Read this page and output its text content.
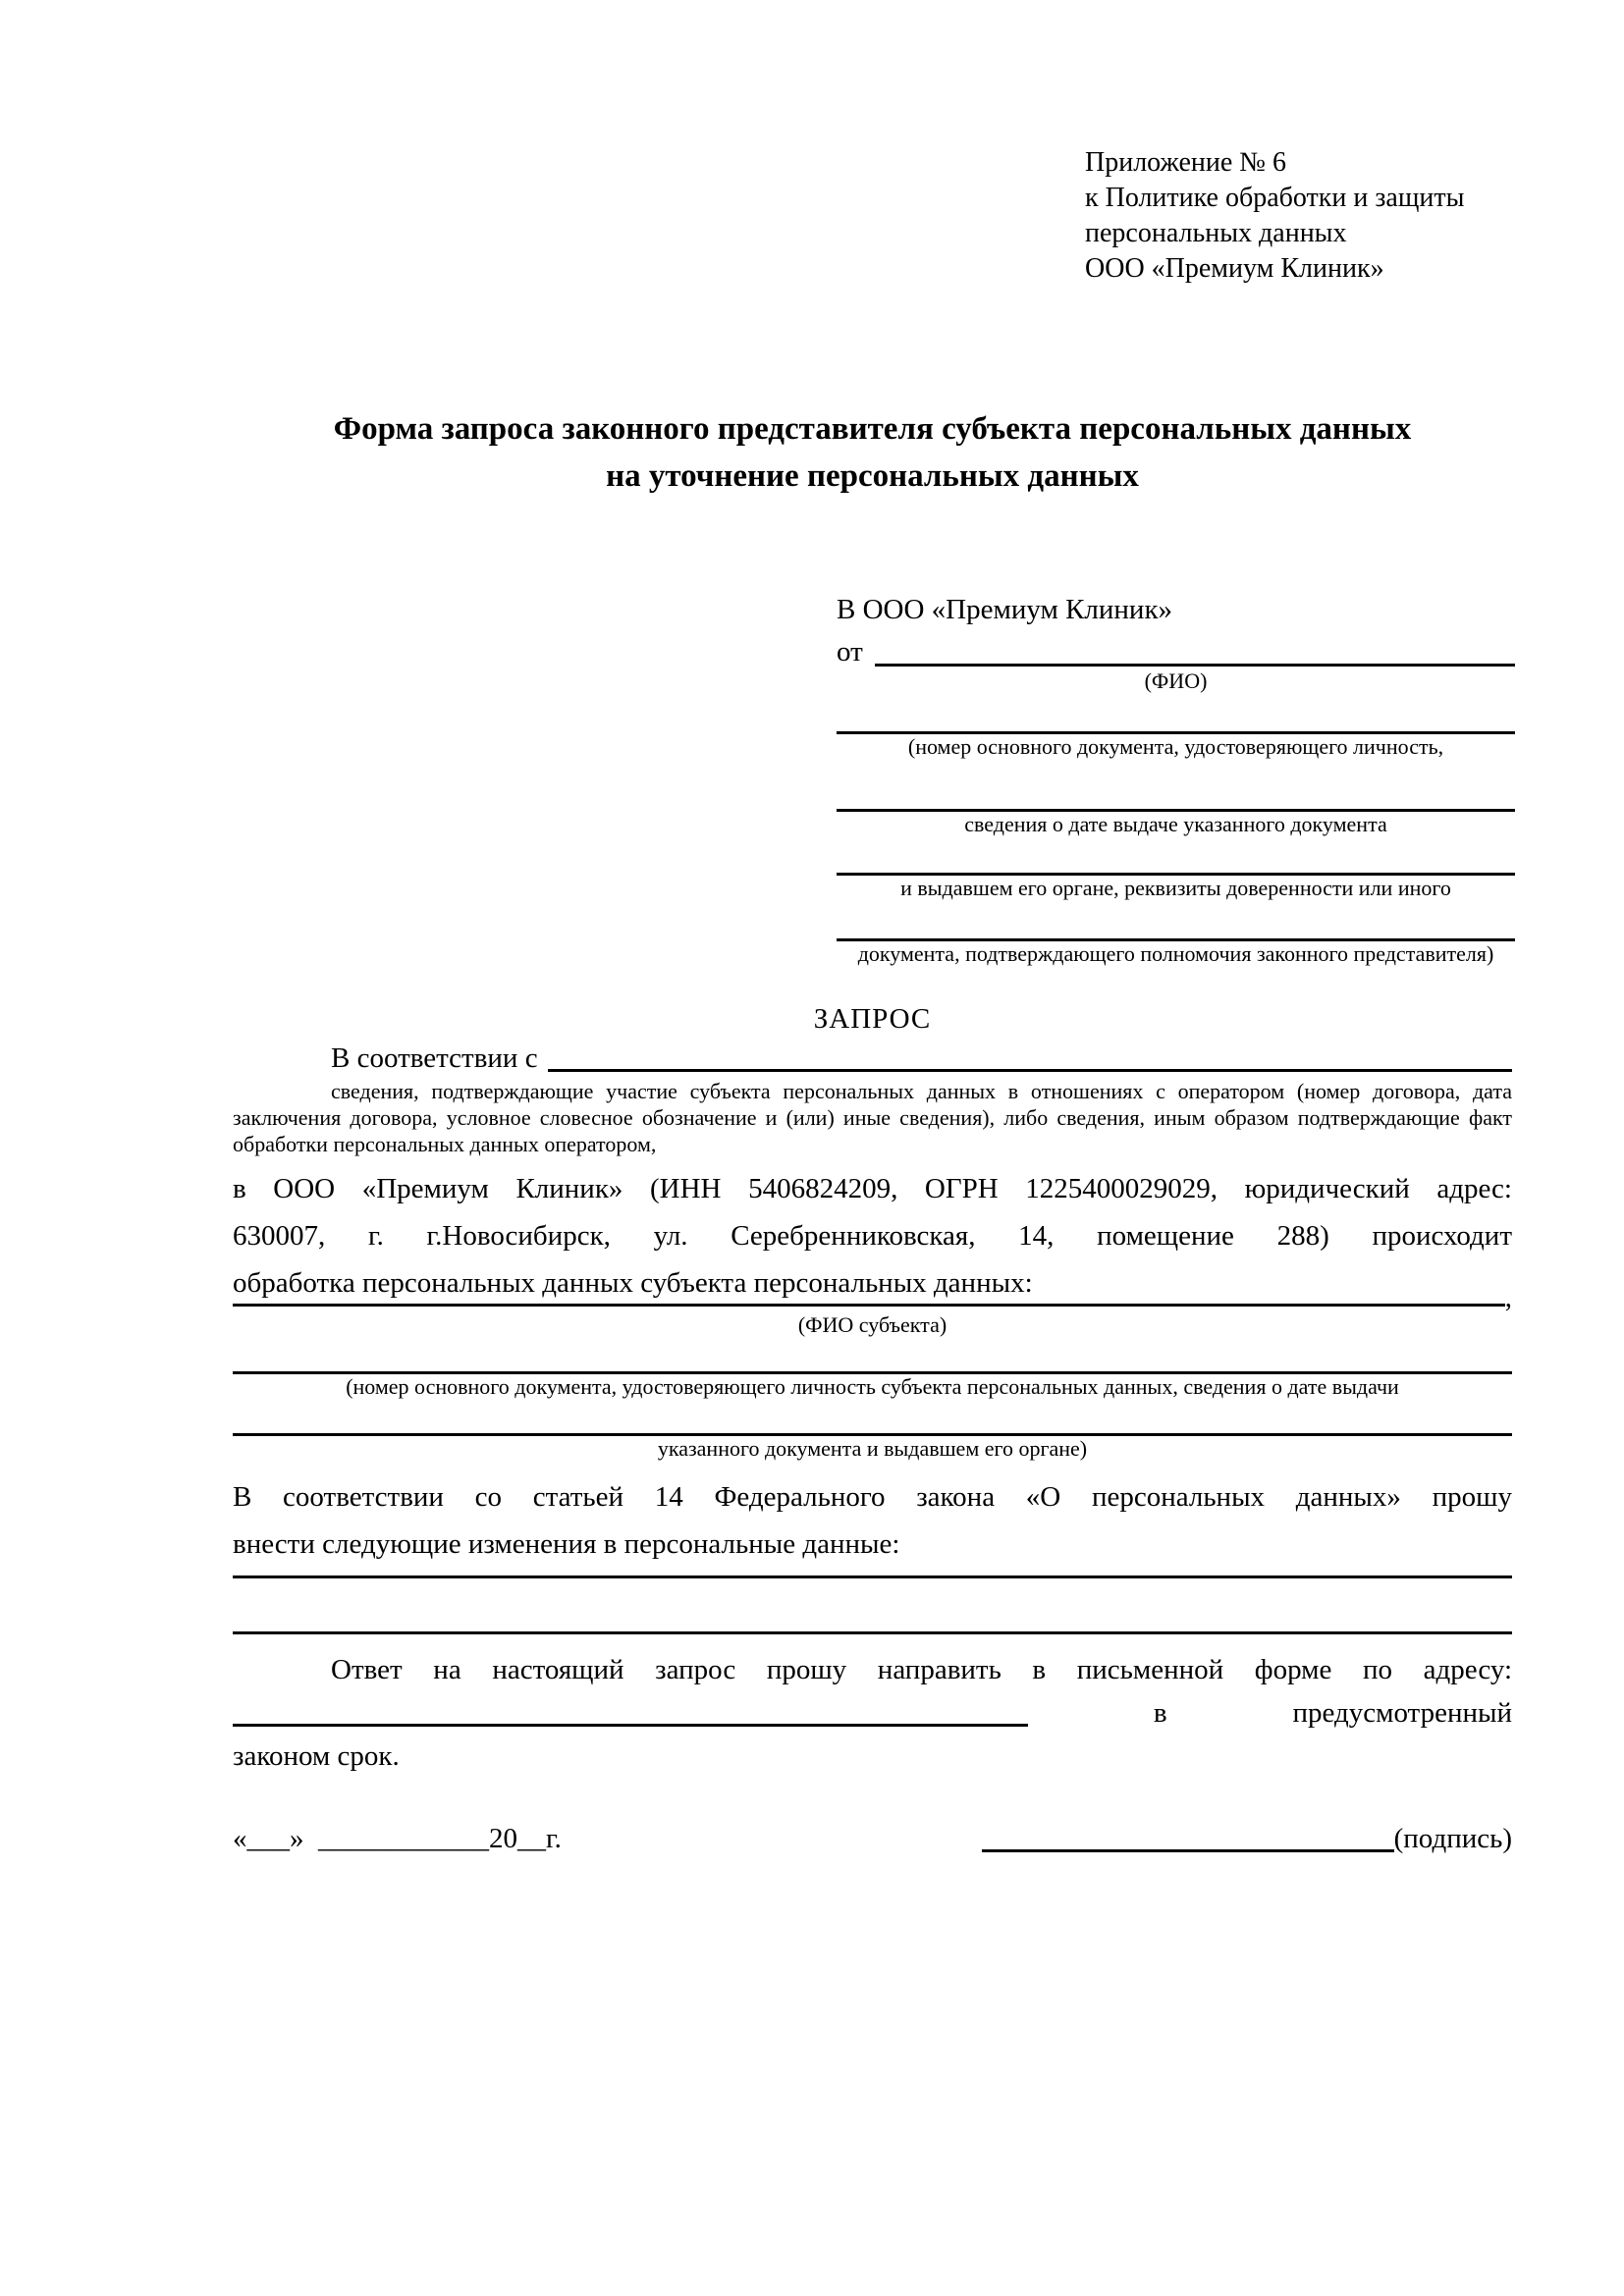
Приложение № 6
к Политике обработки и защиты
персональных данных
ООО «Премиум Клиник»
Форма запроса законного представителя субъекта персональных данных
на уточнение персональных данных
В ООО «Премиум Клиник»
от
(ФИО)
(номер основного документа, удостоверяющего личность,
сведения о дате выдаче указанного документа
и выдавшем его органе, реквизиты доверенности или иного
документа, подтверждающего полномочия законного представителя)
ЗАПРОС
В соответствии с
сведения, подтверждающие участие субъекта персональных данных в отношениях с оператором (номер договора, дата
заключения договора, условное словесное обозначение и (или) иные сведения), либо сведения, иным образом подтверждающие факт
обработки персональных данных оператором,
в ООО «Премиум Клиник» (ИНН 5406824209, ОГРН 1225400029029, юридический адрес:
630007, г. г.Новосибирск, ул. Серебренниковская, 14, помещение 288) происходит
обработка персональных данных субъекта персональных данных:	,
(ФИО субъекта)
(номер основного документа, удостоверяющего личность субъекта персональных данных, сведения о дате выдачи
указанного документа и выдавшем его органе)
В соответствии со статьей 14 Федерального закона «О персональных данных» прошу
внести следующие изменения в персональные данные:
Ответ на настоящий запрос прошу направить в письменной форме по адресу:
в	предусмотренный
законом срок.
«___»  ____________20__г.	(подпись)
